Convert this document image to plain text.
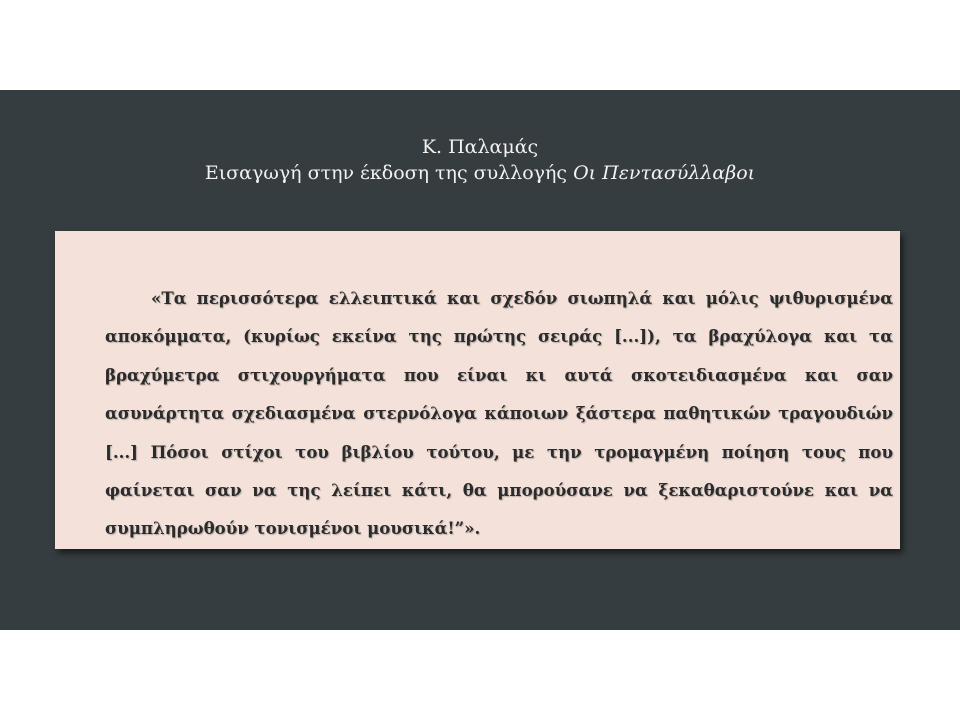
Κ. Παλαμάς
Εισαγωγή στην έκδοση της συλλογής Οι Πεντασύλλαβοι

«Τα περισσότερα ελλειπτικά και σχεδόν σιωπηλά και μόλις ψιθυρισμένα αποκόμματα, (κυρίως εκείνα της πρώτης σειράς [...]), τα βραχύλογα και τα βραχύμετρα στιχουργήματα που είναι κι αυτά σκοτειδιασμένα και σαν ασυνάρτητα σχεδιασμένα στερνόλογα κάποιων ξάστερα παθητικών τραγουδιών [...] Πόσοι στίχοι του βιβλίου τούτου, με την τρομαγμένη ποίηση τους που φαίνεται σαν να της λείπει κάτι, θα μπορούσανε να ξεκαθαριστούνε και να συμπληρωθούν τονισμένοι μουσικά!”».
